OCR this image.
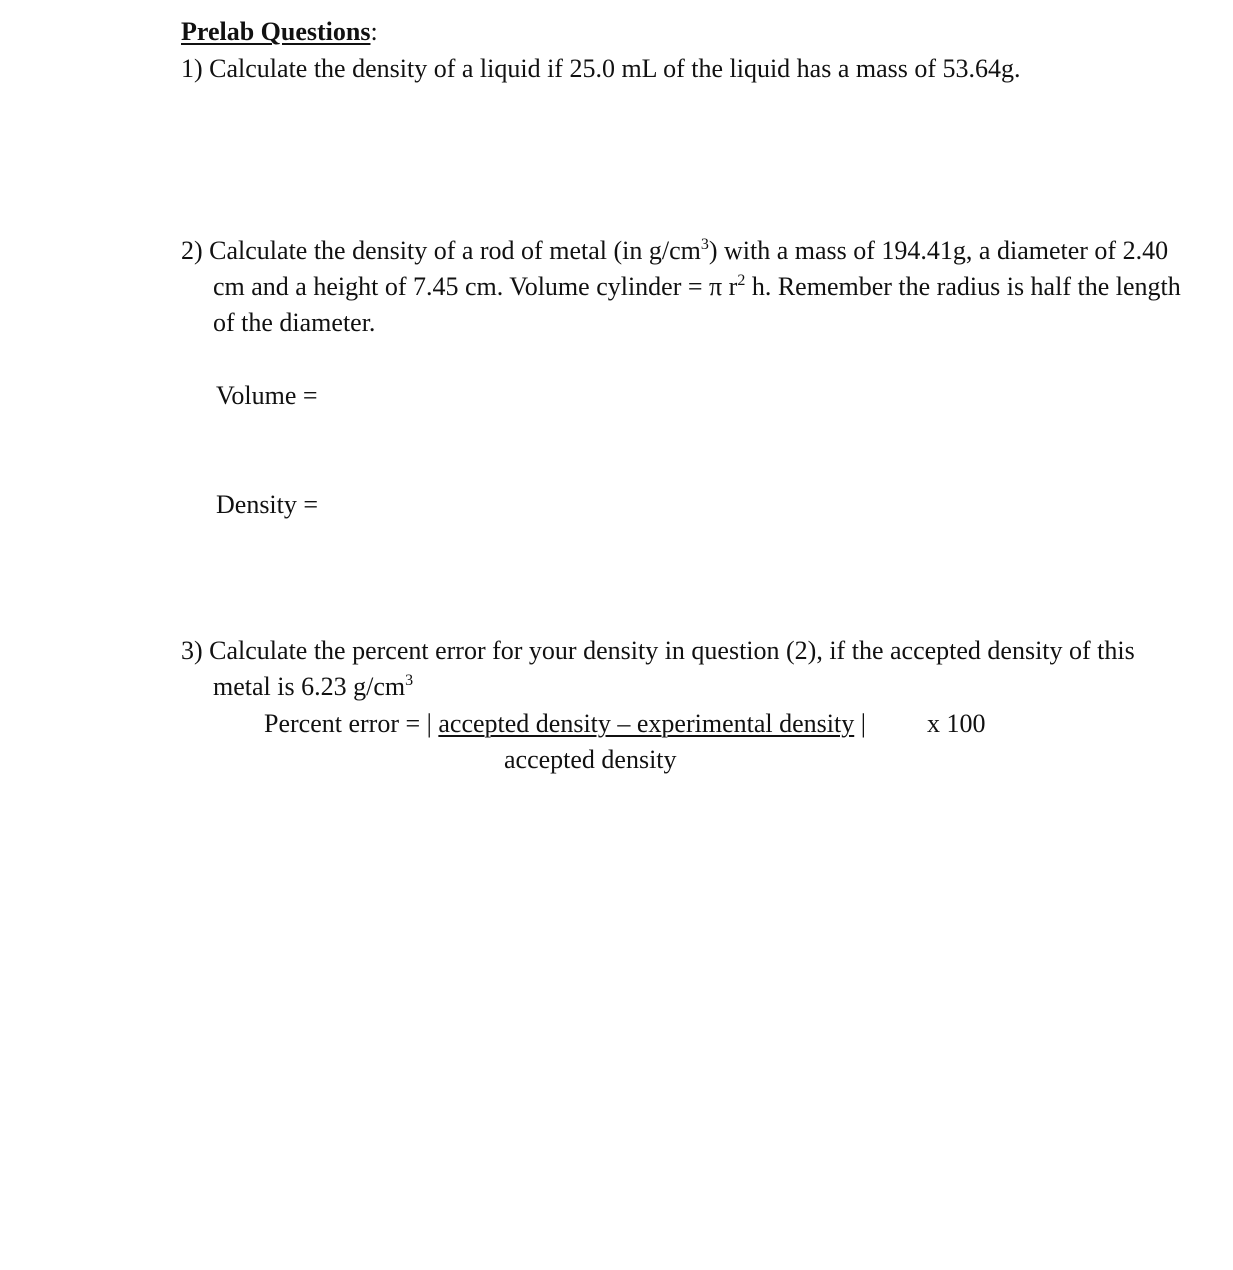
Prelab Questions:
1) Calculate the density of a liquid if 25.0 mL of the liquid has a mass of 53.64g.
2) Calculate the density of a rod of metal (in $g/cm^3$) with a mass of 194.41g, a diameter of 2.40
cm and a height of 7.45 cm. Volume cylinder = π $r^2$ h. Remember the radius is half the length
of the diameter.
Volume =
Density =
3) Calculate the percent error for your density in question (2), if the accepted density of this
metal is 6.23 $g/cm^3$
Percent error = | accepted density – experimental density | x 100
accepted density
